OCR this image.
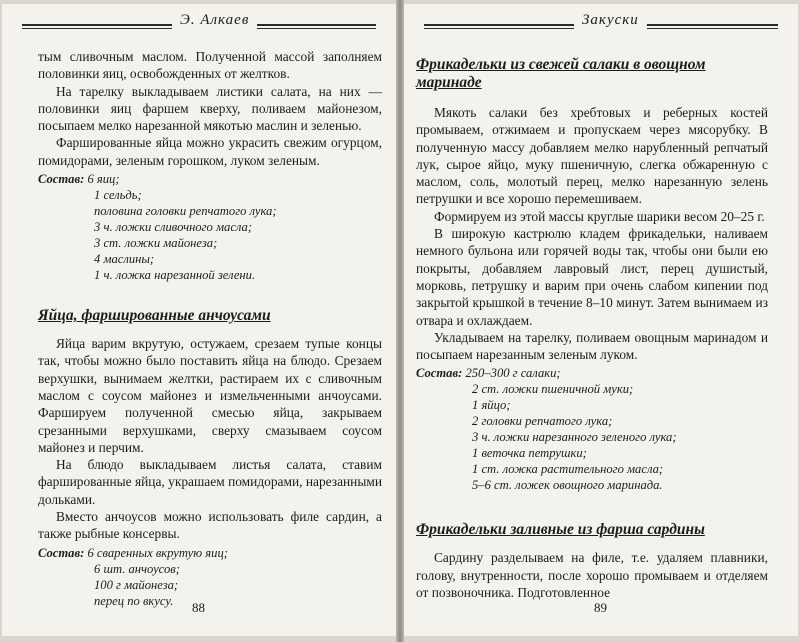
Э. Алкаев

тым сливочным маслом. Полученной массой заполняем половинки яиц, освобожденных от желтков.

На тарелку выкладываем листики салата, на них — половинки яиц фаршем кверху, поливаем майонезом, посыпаем мелко нарезанной мякотью маслин и зеленью.

Фаршированные яйца можно украсить свежим огурцом, помидорами, зеленым горошком, луком зеленым.

Состав: 6 яиц;
1 сельдь;
половина головки репчатого лука;
3 ч. ложки сливочного масла;
3 ст. ложки майонеза;
4 маслины;
1 ч. ложка нарезанной зелени.
Яйца, фаршированные анчоусами

Яйца варим вкрутую, остужаем, срезаем тупые концы так, чтобы можно было поставить яйца на блюдо. Срезаем верхушки, вынимаем желтки, растираем их с сливочным маслом с соусом майонез и измельченными анчоусами. Фаршируем полученной смесью яйца, закрываем срезанными верхушками, сверху смазываем соусом майонез и перчим.

На блюдо выкладываем листья салата, ставим фаршированные яйца, украшаем помидорами, нарезанными дольками.

Вместо анчоусов можно использовать филе сардин, а также рыбные консервы.

Состав: 6 сваренных вкрутую яиц;
6 шт. анчоусов;
100 г майонеза;
перец по вкусу.	88
Закуски
Фрикадельки из свежей салаки в овощном маринаде

Мякоть салаки без хребтовых и реберных костей промываем, отжимаем и пропускаем через мясорубку. В полученную массу добавляем мелко нарубленный репчатый лук, сырое яйцо, муку пшеничную, слегка обжаренную с маслом, соль, молотый перец, мелко нарезанную зелень петрушки и все хорошо перемешиваем.

Формируем из этой массы круглые шарики весом 20–25 г.

В широкую кастрюлю кладем фрикадельки, наливаем немного бульона или горячей воды так, чтобы они были ею покрыты, добавляем лавровый лист, перец душистый, морковь, петрушку и варим при очень слабом кипении под закрытой крышкой в течение 8–10 минут. Затем вынимаем из отвара и охлаждаем.

Укладываем на тарелку, поливаем овощным маринадом и посыпаем нарезанным зеленым луком.

Состав: 250–300 г салаки;
2 ст. ложки пшеничной муки;
1 яйцо;
2 головки репчатого лука;
3 ч. ложки нарезанного зеленого лука;
1 веточка петрушки;
1 ст. ложка растительного масла;
5–6 ст. ложек овощного маринада.
Фрикадельки заливные из фарша сардины

Сардину разделываем на филе, т.е. удаляем плавники, голову, внутренности, после хорошо промываем и отделяем от позвоночника. Подготовленное

89
